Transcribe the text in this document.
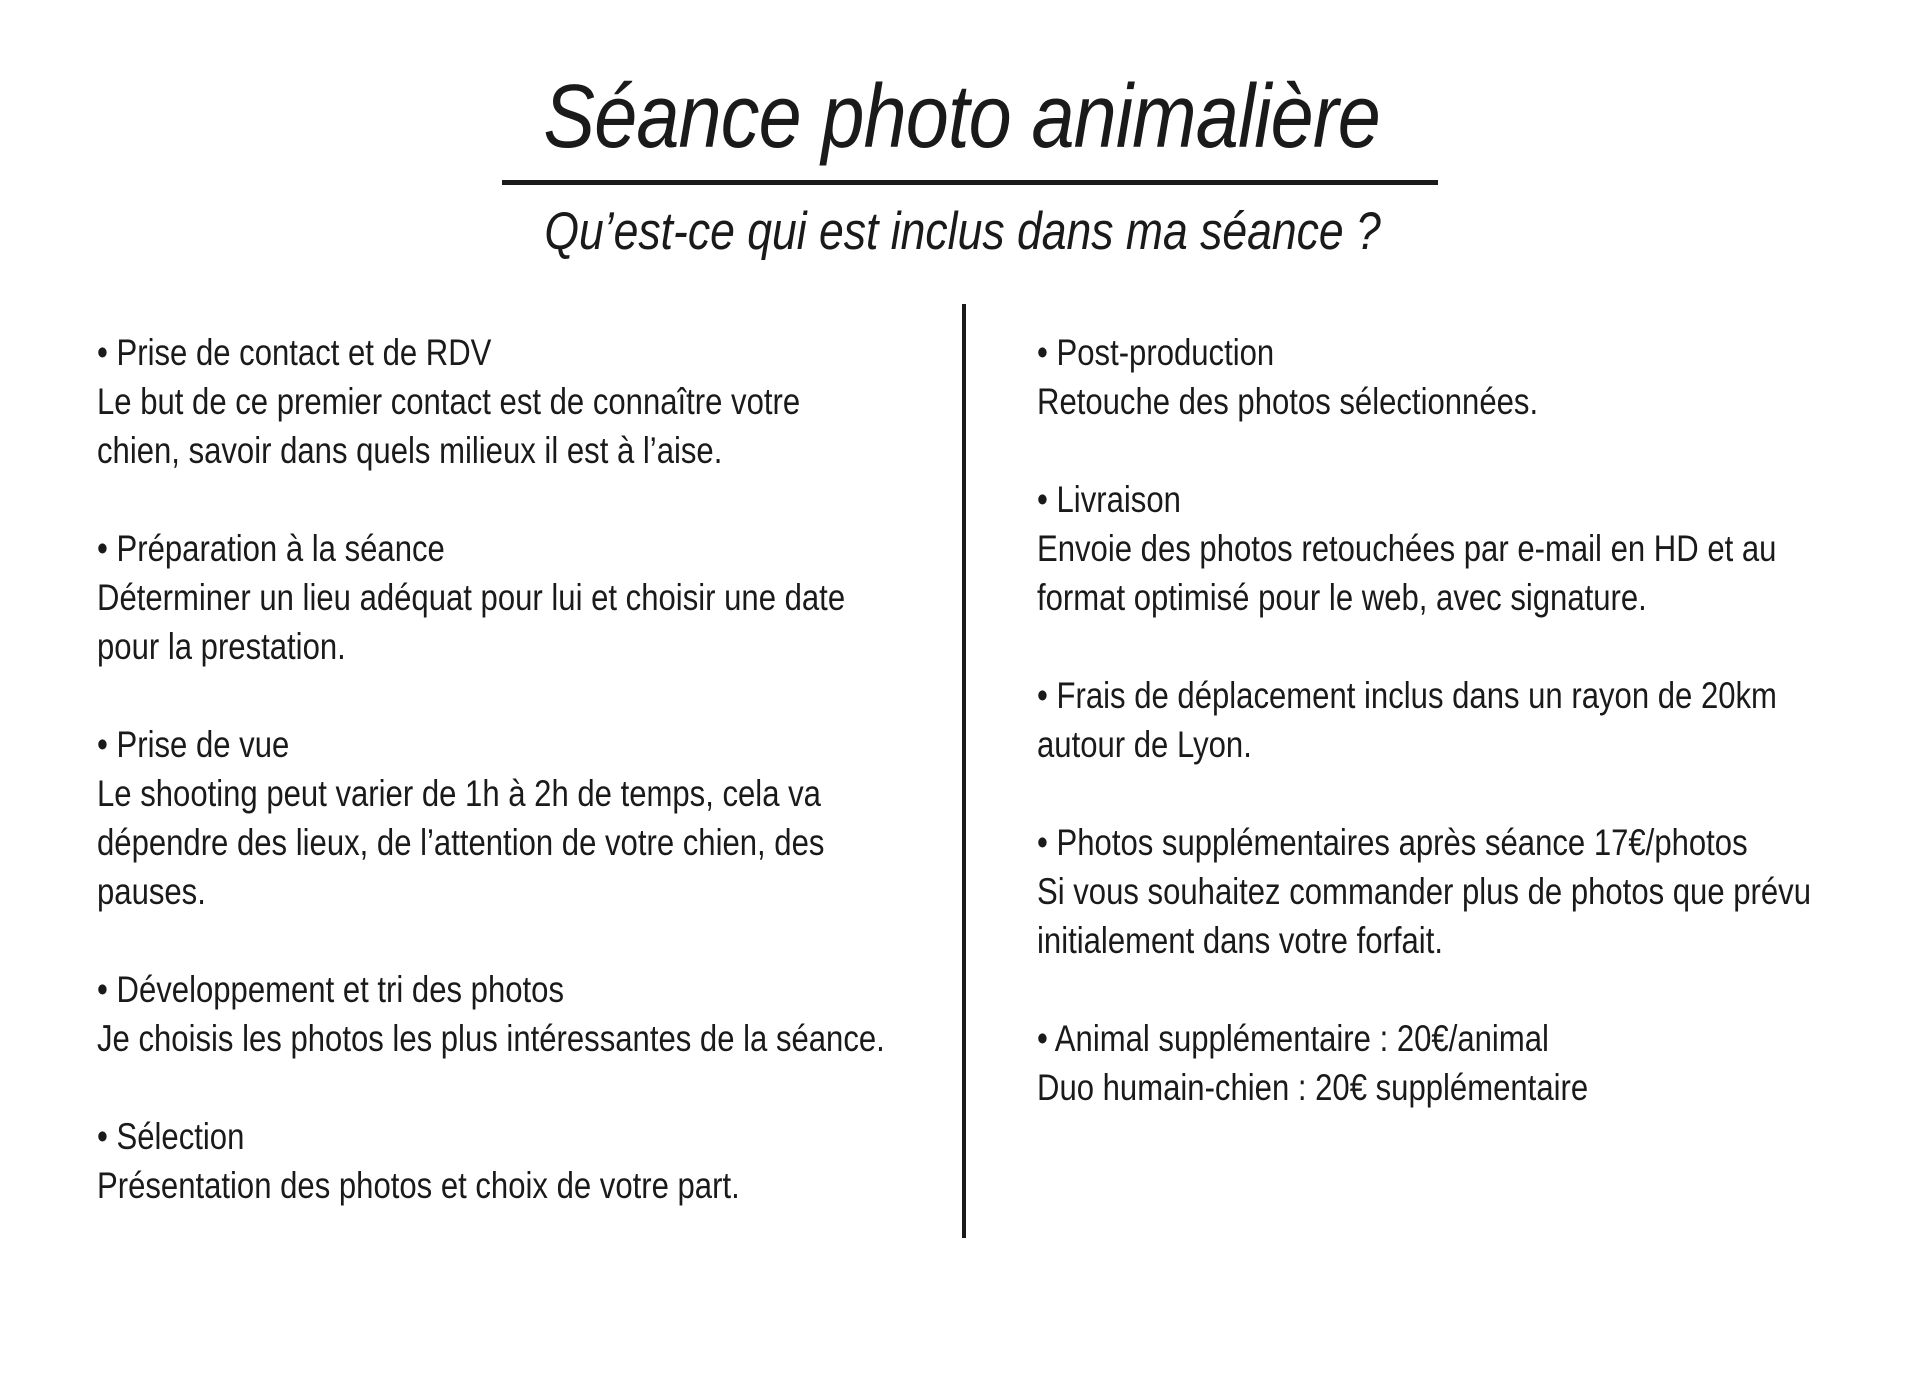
Séance photo animalière
Qu’est-ce qui est inclus dans ma séance ?
• Prise de contact et de RDV
Le but de ce premier contact est de connaître votre
chien, savoir dans quels milieux il est à l’aise.
• Préparation à la séance
Déterminer un lieu adéquat pour lui et choisir une date
pour la prestation.
• Prise de vue
Le shooting peut varier de 1h à 2h de temps, cela va
dépendre des lieux, de l’attention de votre chien, des
pauses.
• Développement et tri des photos
Je choisis les photos les plus intéressantes de la séance.
• Sélection
Présentation des photos et choix de votre part.
• Post-production
Retouche des photos sélectionnées.
• Livraison
Envoie des photos retouchées par e-mail en HD et au
format optimisé pour le web, avec signature.
• Frais de déplacement inclus dans un rayon de 20km
autour de Lyon.
• Photos supplémentaires après séance 17€/photos
Si vous souhaitez commander plus de photos que prévu
initialement dans votre forfait.
• Animal supplémentaire : 20€/animal
Duo humain-chien : 20€ supplémentaire
